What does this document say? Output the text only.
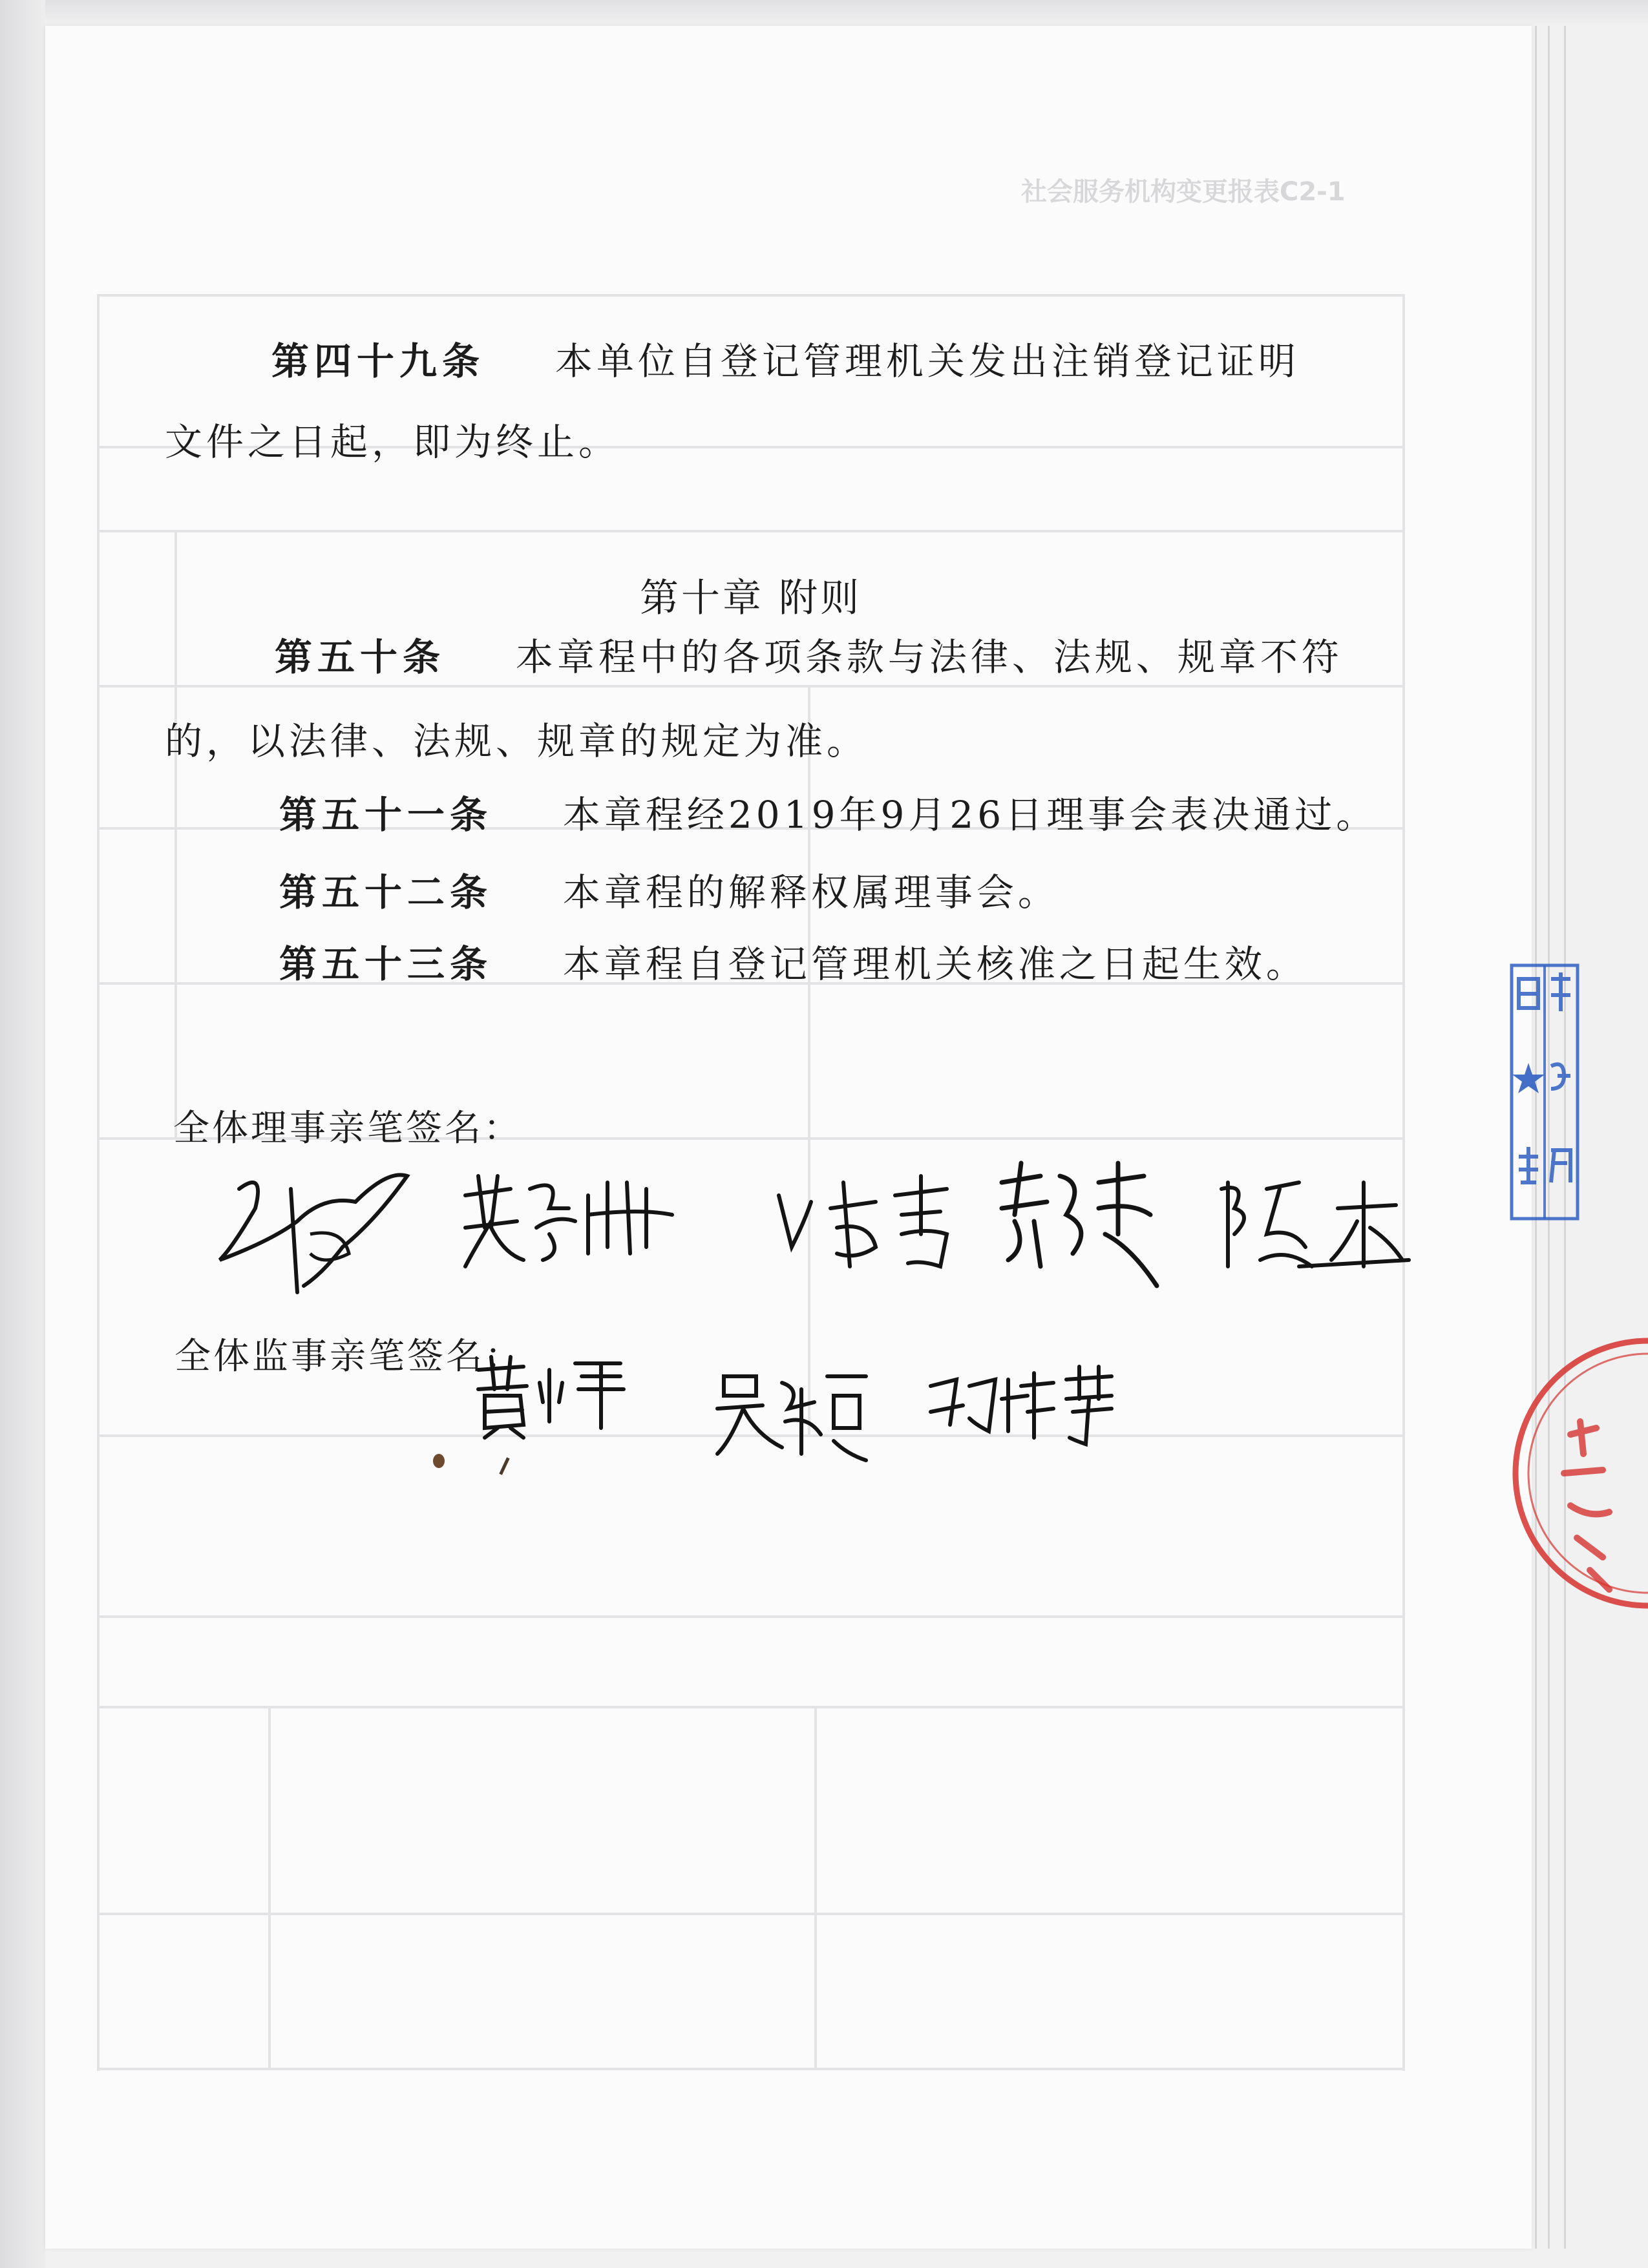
社会服务机构变更报表C2-1
第四十九条 本单位自登记管理机关发出注销登记证明
文件之日起，即为终止。
第十章 附则
第五十条 本章程中的各项条款与法律、法规、规章不符
的，以法律、法规、规章的规定为准。
第五十一条 本章程经2019年9月26日理事会表决通过。
第五十二条 本章程的解释权属理事会。
第五十三条 本章程自登记管理机关核准之日起生效。
全体理事亲笔签名：
全体监事亲笔签名：
